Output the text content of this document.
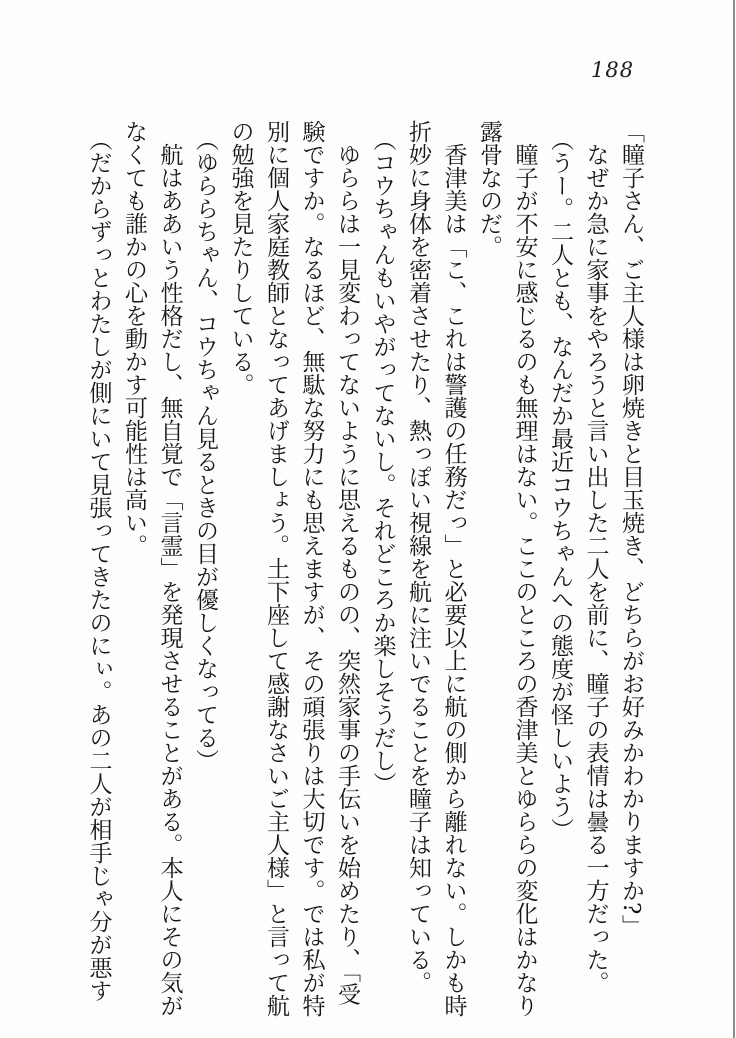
188

「瞳子さん、ご主人様は卵焼きと目玉焼き、どちらがお好みかわかりますか?」

なぜか急に家事をやろうと言い出した二人を前に、瞳子の表情は曇る一方だった。

（うー。二人とも、なんだか最近コウちゃんへの態度が怪しいよう）

瞳子が不安に感じるのも無理はない。ここのところの香津美とゆららの変化はかなり露骨なのだ。

香津美は「こ、これは警護の任務だっ」と必要以上に航の側から離れない。しかも時折妙に身体を密着させたり、熱っぽい視線を航に注いでることを瞳子は知っている。

（コウちゃんもいやがってないし。それどころか楽しそうだし）

ゆららは一見変わってないように思えるものの、突然家事の手伝いを始めたり、「受験ですか。なるほど、無駄な努力にも思えますが、その頑張りは大切です。では私が特別に個人家庭教師となってあげましょう。土下座して感謝なさいご主人様」と言って航の勉強を見たりしている。

（ゆららちゃん、コウちゃん見るときの目が優しくなってる）

航はああいう性格だし、無自覚で「言霊」を発現させることがある。本人にその気がなくても誰かの心を動かす可能性は高い。

（だからずっとわたしが側にいて見張ってきたのにぃ。あの二人が相手じゃ分が悪す
